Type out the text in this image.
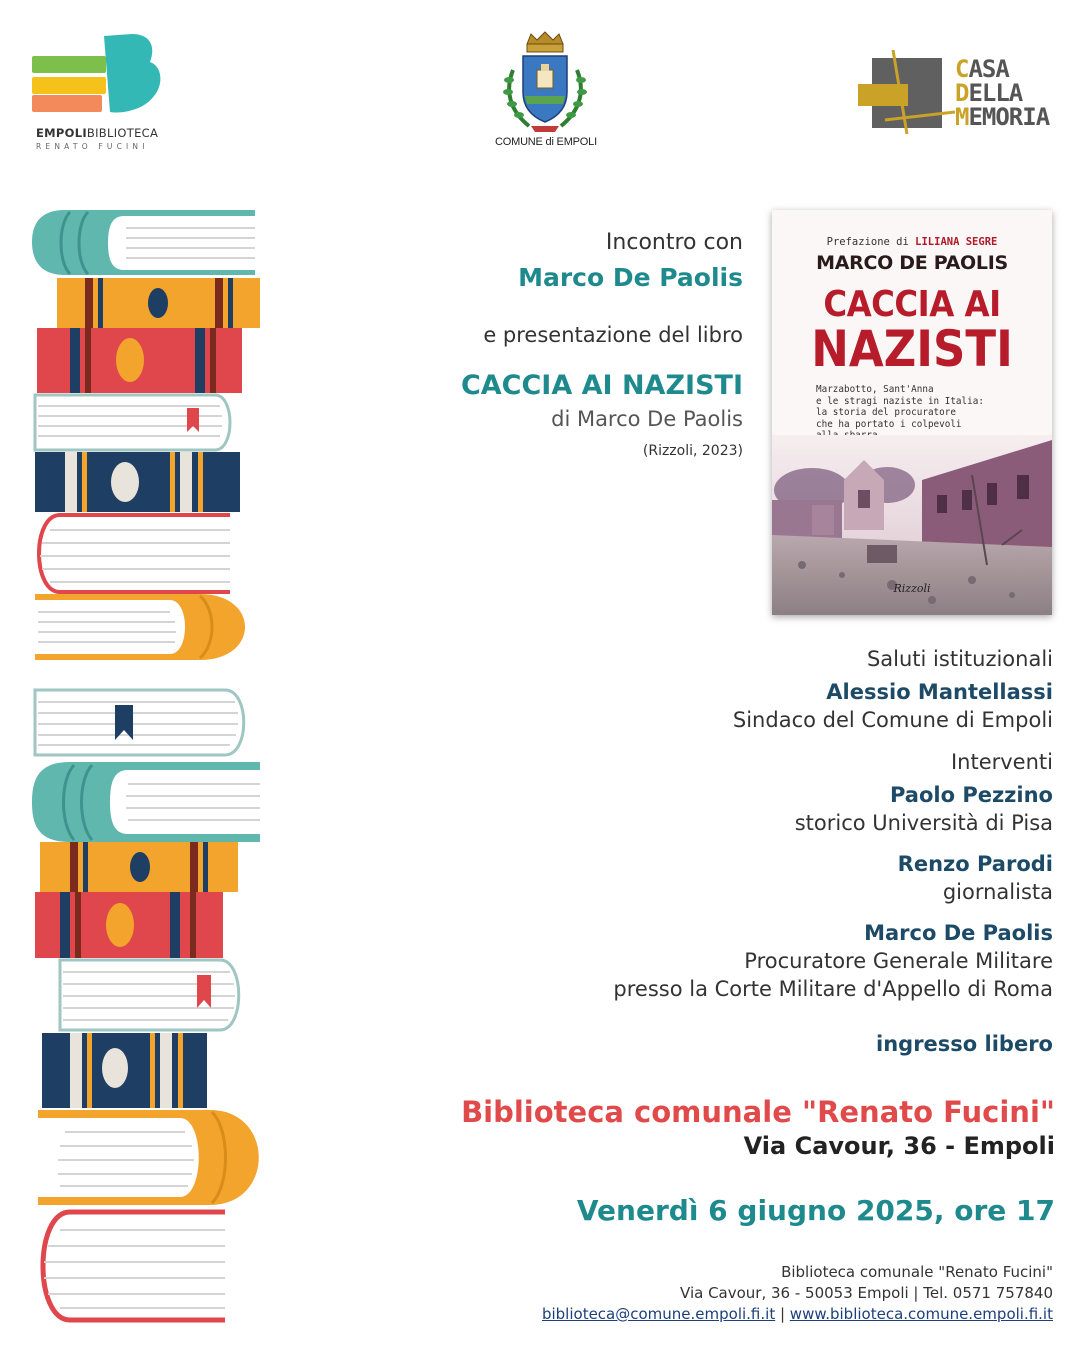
EMPOLIBIBLIOTECA
RENATO FUCINI	COMUNE di EMPOLI
CASA
DELLA
MEMORIA
Incontro con
Marco De Paolis
e presentazione del libro
CACCIA AI NAZISTI
di Marco De Paolis
(Rizzoli, 2023)
Prefazione di LILIANA SEGRE
MARCO DE PAOLIS
CACCIA AI
NAZISTI
Marzabotto, Sant'Anna
e le stragi naziste in Italia:
la storia del procuratore
che ha portato i colpevoli

Rizzoli
Saluti istituzionali
Alessio Mantellassi
Sindaco del Comune di Empoli
Interventi
Paolo Pezzino
storico Università di Pisa
Renzo Parodi
giornalista
Marco De Paolis
Procuratore Generale Militare
presso la Corte Militare d'Appello di Roma
ingresso libero
Biblioteca comunale "Renato Fucini"
Via Cavour, 36 - Empoli
Venerdì 6 giugno 2025, ore 17
Biblioteca comunale "Renato Fucini"
Via Cavour, 36 - 50053 Empoli | Tel. 0571 757840
biblioteca@comune.empoli.fi.it | www.biblioteca.comune.empoli.fi.it
